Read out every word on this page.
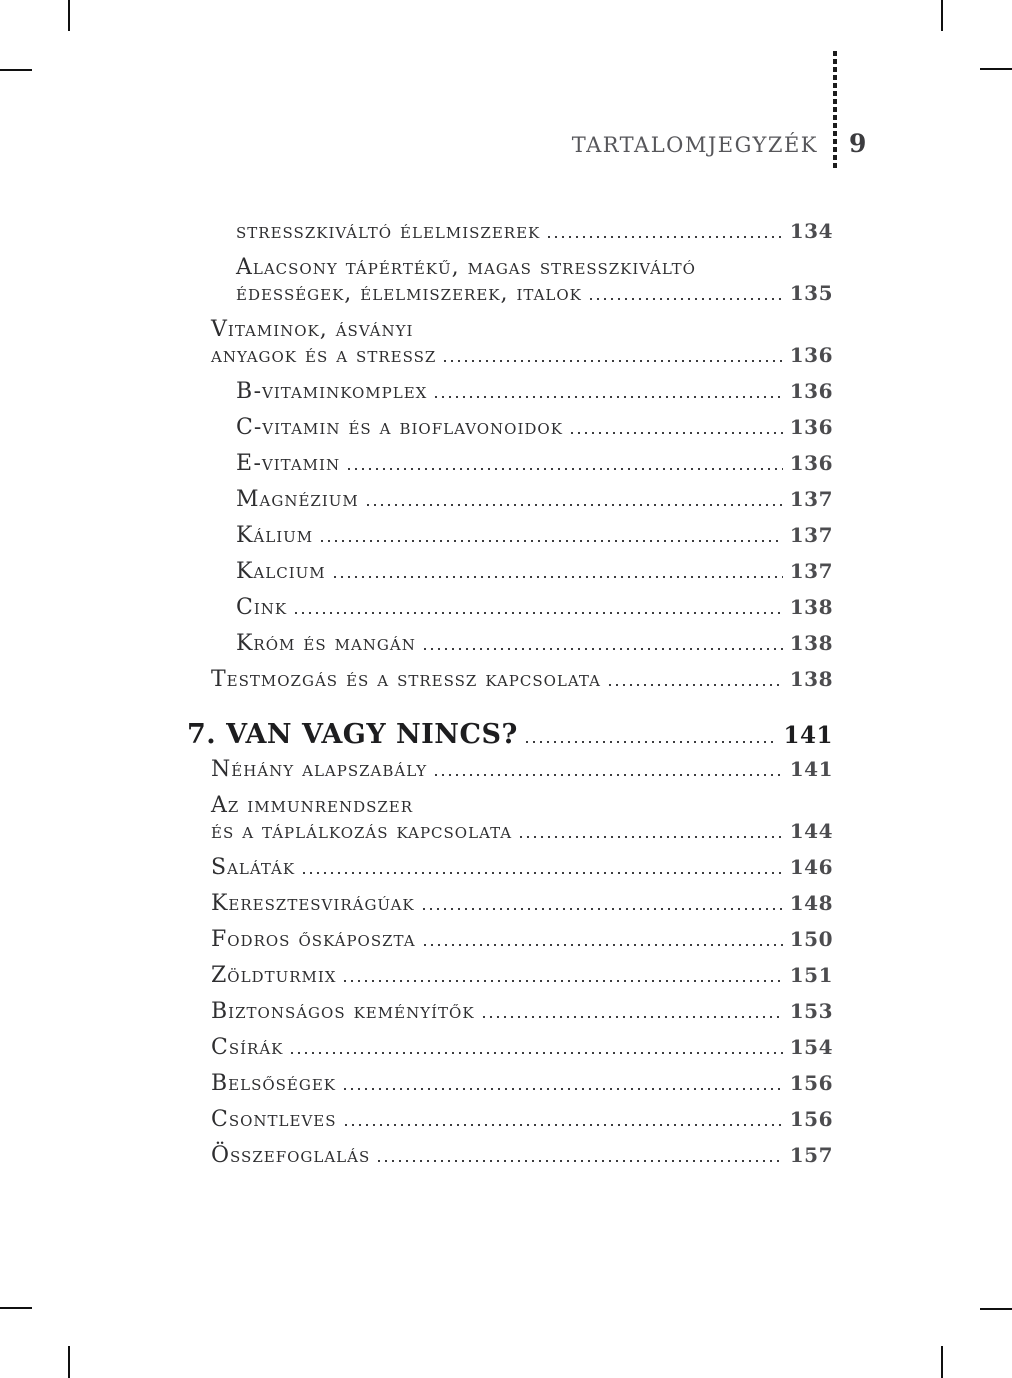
TARTALOMJEGYZÉK 9
stresszkiváltó élelmiszerek	134
Alacsony tápértékű, magas stresszkiváltó
édességek, élelmiszerek, italok	135
Vitaminok, ásványi
anyagok és a stressz	136
B-vitaminkomplex	136
C-vitamin és a bioflavonoidok	136
E-vitamin	136
Magnézium	137
Kálium	137
Kalcium	137
Cink	138
Króm és mangán	138
Testmozgás és a stressz kapcsolata	138
7. VAN VAGY NINCS?	141
Néhány alapszabály	141
Az immunrendszer
és a táplálkozás kapcsolata	144
Saláták	146
Keresztesvirágúak	148
Fodros őskáposzta	150
Zöldturmix	151
Biztonságos keményítők	153
Csírák	154
Belsőségek	156
Csontleves	156
Összefoglalás	157
